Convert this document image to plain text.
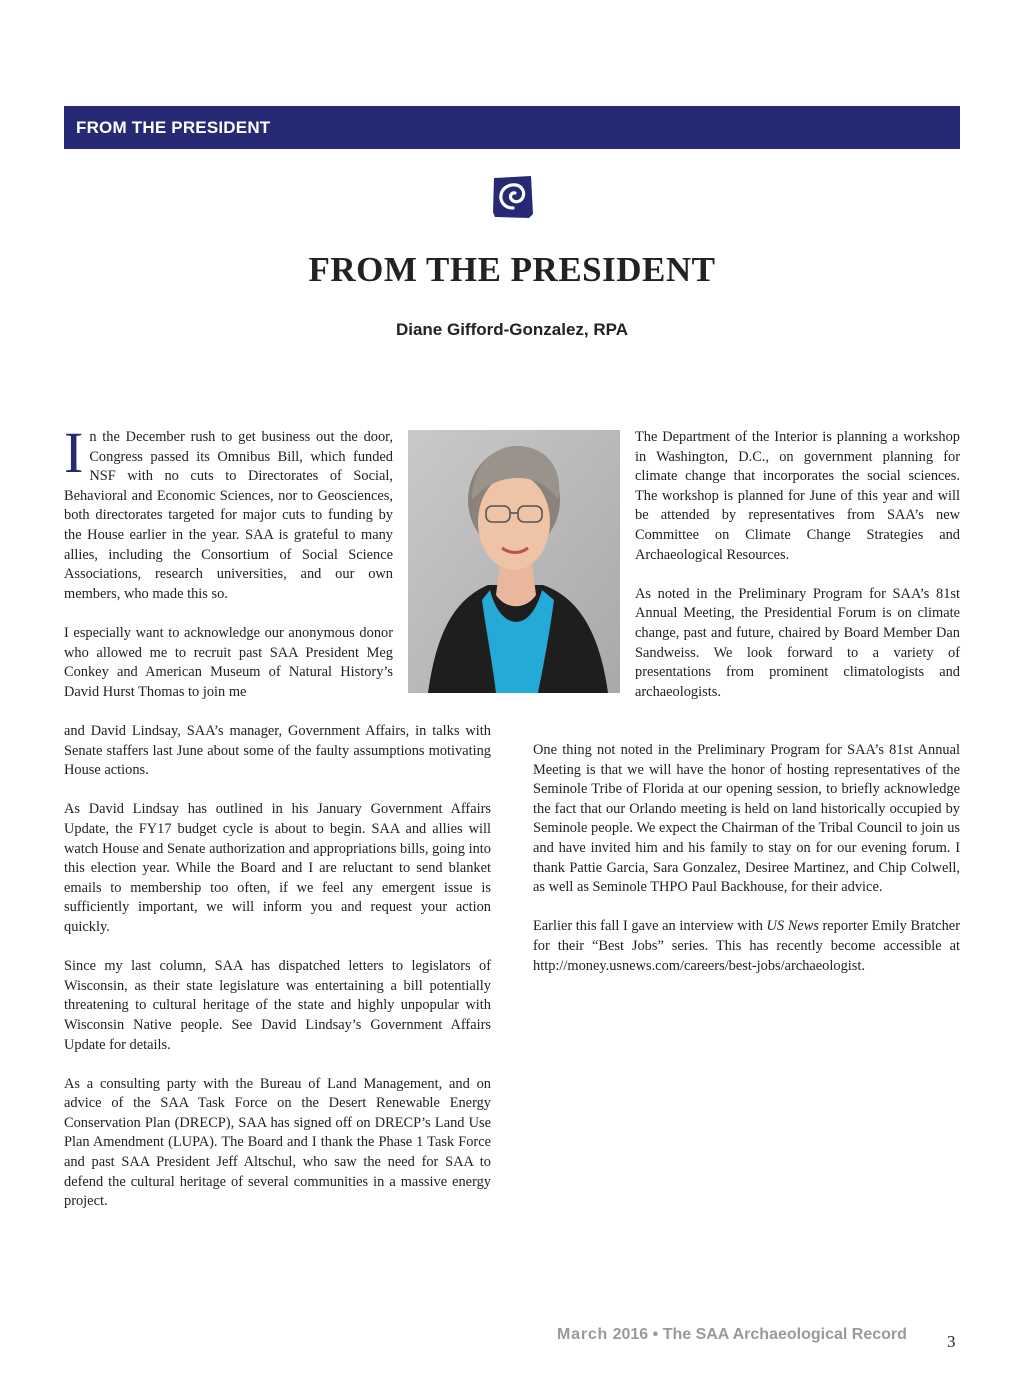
FROM THE PRESIDENT
FROM THE PRESIDENT
Diane Gifford-Gonzalez, RPA

In the December rush to get business out the door, Congress passed its Omnibus Bill, which funded NSF with no cuts to Directorates of Social, Behavioral and Economic Sciences, nor to Geosciences, both directorates targeted for major cuts to funding by the House earlier in the year. SAA is grateful to many allies, including the Consortium of Social Science Associations, research universities, and our own members, who made this so.

I especially want to acknowledge our anonymous donor who allowed me to recruit past SAA President Meg Conkey and American Museum of Natural History’s David Hurst Thomas to join me

and David Lindsay, SAA’s manager, Government Affairs, in talks with Senate staffers last June about some of the faulty assumptions motivating House actions.

As David Lindsay has outlined in his January Government Affairs Update, the FY17 budget cycle is about to begin. SAA and allies will watch House and Senate authorization and appropriations bills, going into this election year. While the Board and I are reluctant to send blanket emails to membership too often, if we feel any emergent issue is sufficiently important, we will inform you and request your action quickly.

Since my last column, SAA has dispatched letters to legislators of Wisconsin, as their state legislature was entertaining a bill potentially threatening to cultural heritage of the state and highly unpopular with Wisconsin Native people. See David Lindsay’s Government Affairs Update for details.

As a consulting party with the Bureau of Land Management, and on advice of the SAA Task Force on the Desert Renewable Energy Conservation Plan (DRECP), SAA has signed off on DRECP’s Land Use Plan Amendment (LUPA). The Board and I thank the Phase 1 Task Force and past SAA President Jeff Altschul, who saw the need for SAA to defend the cultural heritage of several communities in a massive energy project.

The Department of the Interior is planning a workshop in Washington, D.C., on government planning for climate change that incorporates the social sciences. The workshop is planned for June of this year and will be attended by representatives from SAA’s new Committee on Climate Change Strategies and Archaeological Resources.

As noted in the Preliminary Program for SAA’s 81st Annual Meeting, the Presidential Forum is on climate change, past and future, chaired by Board Member Dan Sandweiss. We look forward to a variety of presentations from prominent climatologists and archaeologists.

One thing not noted in the Preliminary Program for SAA’s 81st Annual Meeting is that we will have the honor of hosting representatives of the Seminole Tribe of Florida at our opening session, to briefly acknowledge the fact that our Orlando meeting is held on land historically occupied by Seminole people. We expect the Chairman of the Tribal Council to join us and have invited him and his family to stay on for our evening forum. I thank Pattie Garcia, Sara Gonzalez, Desiree Martinez, and Chip Colwell, as well as Seminole THPO Paul Backhouse, for their advice.

Earlier this fall I gave an interview with US News reporter Emily Bratcher for their “Best Jobs” series. This has recently become accessible at http://money.usnews.com/careers/best-jobs/archaeologist.

March 2016 • The SAA Archaeological Record 3
